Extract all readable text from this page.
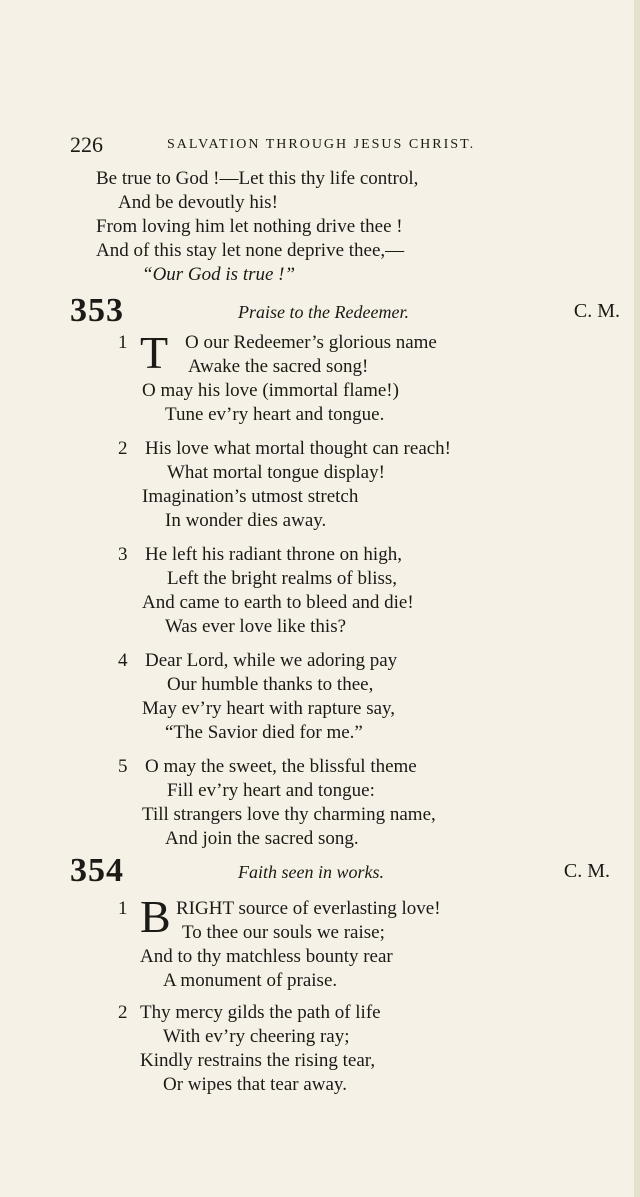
226	SALVATION THROUGH JESUS CHRIST.
Be true to God !—Let this thy life control,
And be devoutly his!
From loving him let nothing drive thee !
And of this stay let none deprive thee,—
“Our God is true !”
353	Praise to the Redeemer.	C. M.
1 T O our Redeemer’s glorious name
Awake the sacred song!
O may his love (immortal flame!)
Tune ev’ry heart and tongue.
2 His love what mortal thought can reach!
What mortal tongue display!
Imagination’s utmost stretch
In wonder dies away.
3 He left his radiant throne on high,
Left the bright realms of bliss,
And came to earth to bleed and die!
Was ever love like this?
4 Dear Lord, while we adoring pay
Our humble thanks to thee,
May ev’ry heart with rapture say,
“The Savior died for me.”
5 O may the sweet, the blissful theme
Fill ev’ry heart and tongue:
Till strangers love thy charming name,
And join the sacred song.
354	Faith seen in works.	C. M.
1 B RIGHT source of everlasting love!
To thee our souls we raise;
And to thy matchless bounty rear
A monument of praise.
2 Thy mercy gilds the path of life
With ev’ry cheering ray;
Kindly restrains the rising tear,
Or wipes that tear away.
